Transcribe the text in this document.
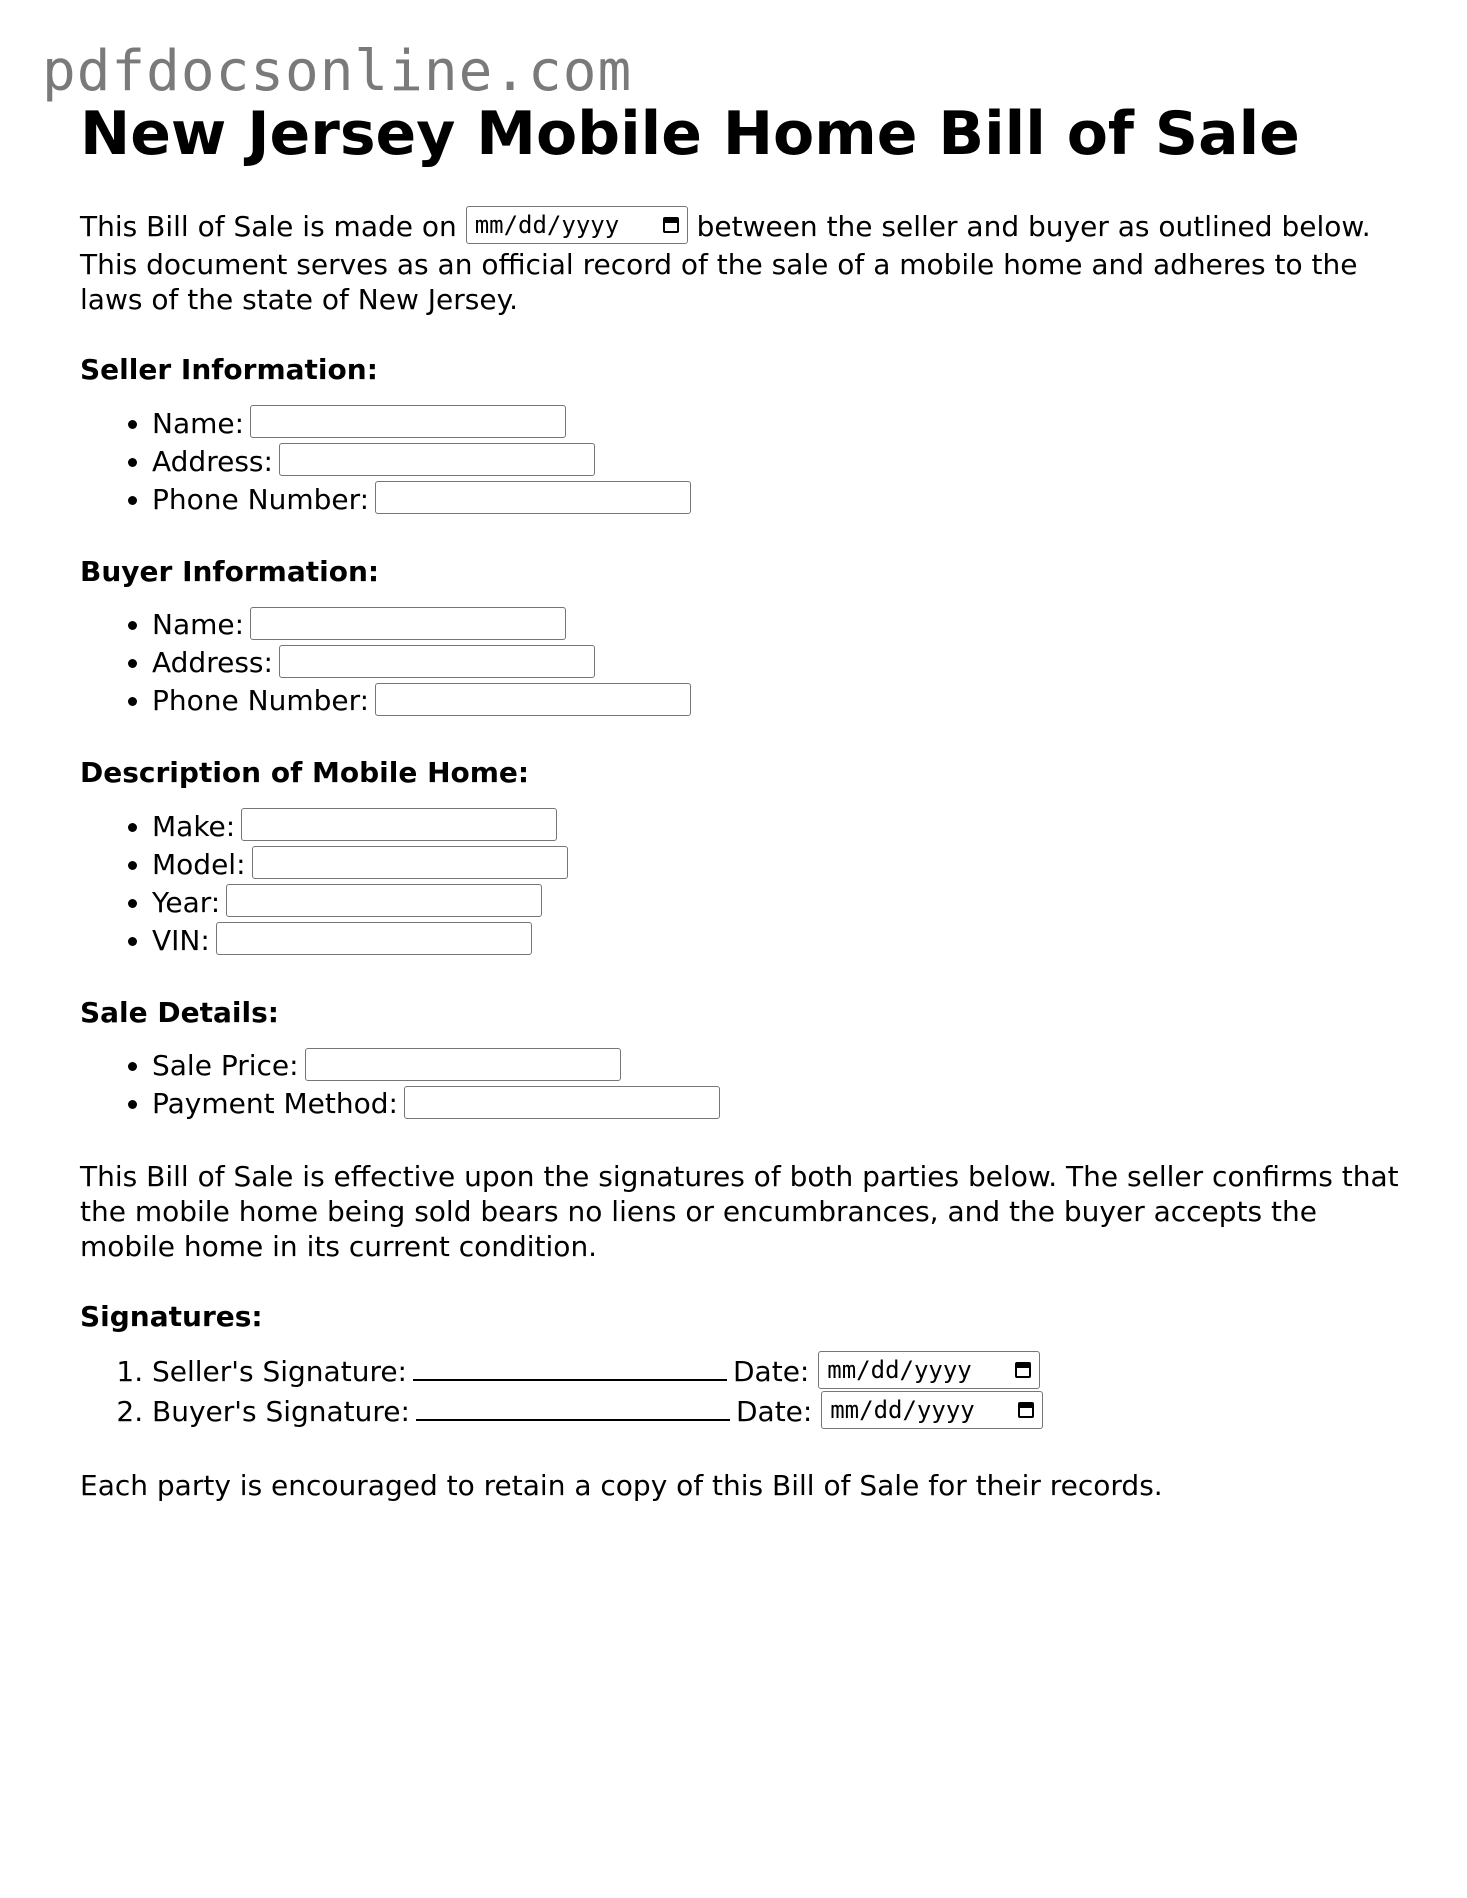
pdfdocsonline.com
New Jersey Mobile Home Bill of Sale

This Bill of Sale is made on mm/dd/yyyy	between the seller and buyer as outlined below. This document serves as an official record of the sale of a mobile home and adheres to the laws of the state of New Jersey.

Seller Information:
• Name:
• Address:
• Phone Number:
Buyer Information:
• Name:
• Address:
• Phone Number:
Description of Mobile Home:
• Make:
• Model:
• Year:
• VIN:
Sale Details:
• Sale Price:
• Payment Method:

This Bill of Sale is effective upon the signatures of both parties below. The seller confirms that the mobile home being sold bears no liens or encumbrances, and the buyer accepts the mobile home in its current condition.

Signatures:
1. Seller's Signature:	Date: mm/dd/yyyy
2. Buyer's Signature:	Date: mm/dd/yyyy

Each party is encouraged to retain a copy of this Bill of Sale for their records.
